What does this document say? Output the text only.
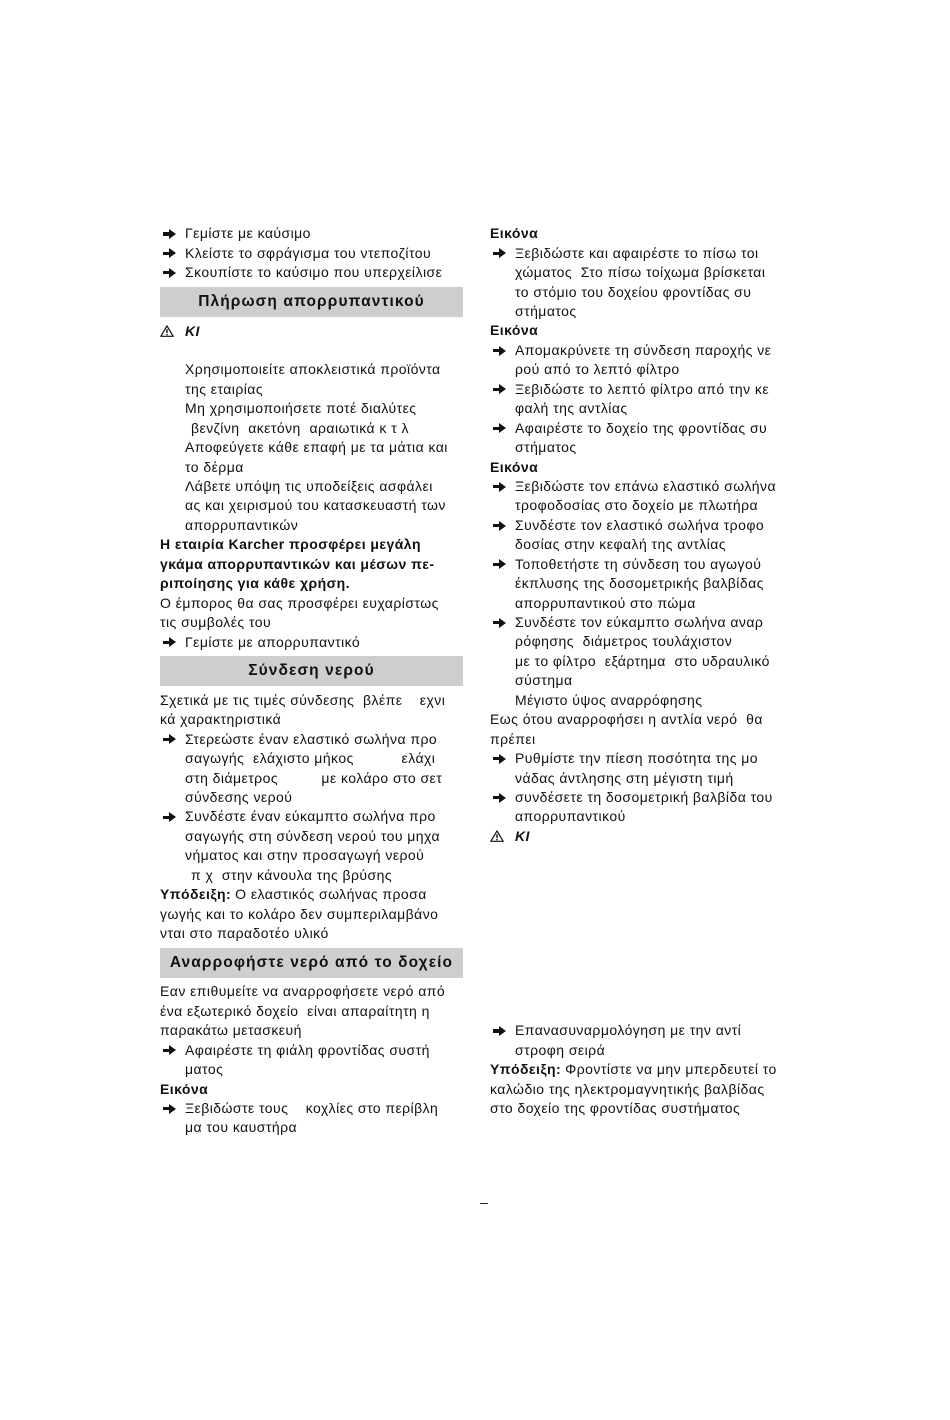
Γεμίστε με καύσιμο
Κλείστε το σφράγισμα του ντεποζίτου
Σκουπίστε το καύσιμο που υπερχείλισε
Πλήρωση απορρυπαντικού
KI
Χρησιμοποιείτε αποκλειστικά προϊόντα
της εταιρίας
Μη χρησιμοποιήσετε ποτέ διαλύτες
βενζίνη  ακετόνη  αραιωτικά κ τ λ
Αποφεύγετε κάθε επαφή με τα μάτια και
το δέρμα
Λάβετε υπόψη τις υποδείξεις ασφάλει
ας και χειρισμού του κατασκευαστή των
απορρυπαντικών
Η εταιρία Karcher προσφέρει μεγάλη
γκάμα απορρυπαντικών και μέσων πε-
ριποίησης για κάθε χρήση.
Ο έμπορος θα σας προσφέρει ευχαρίστως
τις συμβολές του
Γεμίστε με απορρυπαντικό
Σύνδεση νερού
Σχετικά με τις τιμές σύνδεσης  βλέπε    εχνι
κά χαρακτηριστικά
Στερεώστε έναν ελαστικό σωλήνα προ
σαγωγής  ελάχιστο μήκος           ελάχι
στη διάμετρος          με κολάρο στο σετ
σύνδεσης νερού
Συνδέστε έναν εύκαμπτο σωλήνα προ
σαγωγής στη σύνδεση νερού του μηχα
νήματος και στην προσαγωγή νερού
π χ  στην κάνουλα της βρύσης
Υπόδειξη: Ο ελαστικός σωλήνας προσα
γωγής και το κολάρο δεν συμπεριλαμβάνο
νται στο παραδοτέο υλικό
Αναρροφήστε νερό από το δοχείο
Εαν επιθυμείτε να αναρροφήσετε νερό από
ένα εξωτερικό δοχείο  είναι απαραίτητη η
παρακάτω μετασκευή
Αφαιρέστε τη φιάλη φροντίδας συστή
ματος
Εικόνα
Ξεβιδώστε τους    κοχλίες στο περίβλη
μα του καυστήρα
Εικόνα
Ξεβιδώστε και αφαιρέστε το πίσω τοι
χώματος  Στο πίσω τοίχωμα βρίσκεται
το στόμιο του δοχείου φροντίδας συ
στήματος
Εικόνα
Απομακρύνετε τη σύνδεση παροχής νε
ρού από το λεπτό φίλτρο
Ξεβιδώστε το λεπτό φίλτρο από την κε
φαλή της αντλίας
Αφαιρέστε το δοχείο της φροντίδας συ
στήματος
Εικόνα
Ξεβιδώστε τον επάνω ελαστικό σωλήνα
τροφοδοσίας στο δοχείο με πλωτήρα
Συνδέστε τον ελαστικό σωλήνα τροφο
δοσίας στην κεφαλή της αντλίας
Τοποθετήστε τη σύνδεση του αγωγού
έκπλυσης της δοσομετρικής βαλβίδας
απορρυπαντικού στο πώμα
Συνδέστε τον εύκαμπτο σωλήνα αναρ
ρόφησης  διάμετρος τουλάχιστον
με το φίλτρο  εξάρτημα  στο υδραυλικό
σύστημα
Μέγιστο ύψος αναρρόφησης
Εως ότου αναρροφήσει η αντλία νερό  θα
πρέπει
Ρυθμίστε την πίεση ποσότητα της μο
νάδας άντλησης στη μέγιστη τιμή
συνδέσετε τη δοσομετρική βαλβίδα του
απορρυπαντικού
KI
Επανασυναρμολόγηση με την αντί
στροφη σειρά
Υπόδειξη: Φροντίστε να μην μπερδευτεί το
καλώδιο της ηλεκτρομαγνητικής βαλβίδας
στο δοχείο της φροντίδας συστήματος
–
